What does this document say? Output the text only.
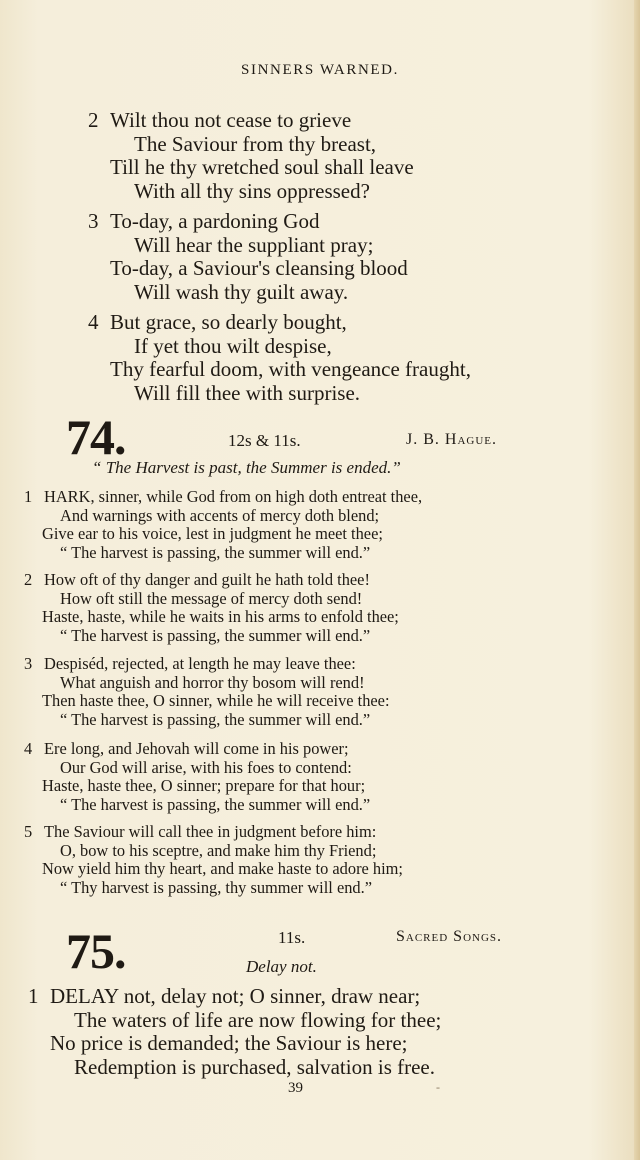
SINNERS WARNED.
2 Wilt thou not cease to grieve
The Saviour from thy breast,
Till he thy wretched soul shall leave
With all thy sins oppressed?
3 To-day, a pardoning God
Will hear the suppliant pray;
To-day, a Saviour's cleansing blood
Will wash thy guilt away.
4 But grace, so dearly bought,
If yet thou wilt despise,
Thy fearful doom, with vengeance fraught,
Will fill thee with surprise.
74.	12s & 11s.	J. B. Hague.
“ The Harvest is past, the Summer is ended.”
1 HARK, sinner, while God from on high doth entreat thee,
And warnings with accents of mercy doth blend;
Give ear to his voice, lest in judgment he meet thee;
“ The harvest is passing, the summer will end.”
2 How oft of thy danger and guilt he hath told thee!
How oft still the message of mercy doth send!
Haste, haste, while he waits in his arms to enfold thee;
“ The harvest is passing, the summer will end.”
3 Despiséd, rejected, at length he may leave thee:
What anguish and horror thy bosom will rend!
Then haste thee, O sinner, while he will receive thee:
“ The harvest is passing, the summer will end.”
4 Ere long, and Jehovah will come in his power;
Our God will arise, with his foes to contend:
Haste, haste thee, O sinner; prepare for that hour;
“ The harvest is passing, the summer will end.”
5 The Saviour will call thee in judgment before him:
O, bow to his sceptre, and make him thy Friend;
Now yield him thy heart, and make haste to adore him;
“ Thy harvest is passing, thy summer will end.”
75.	11s.	Sacred Songs.
Delay not.
1 DELAY not, delay not; O sinner, draw near;
The waters of life are now flowing for thee;
No price is demanded; the Saviour is here;
Redemption is purchased, salvation is free.
39	-
